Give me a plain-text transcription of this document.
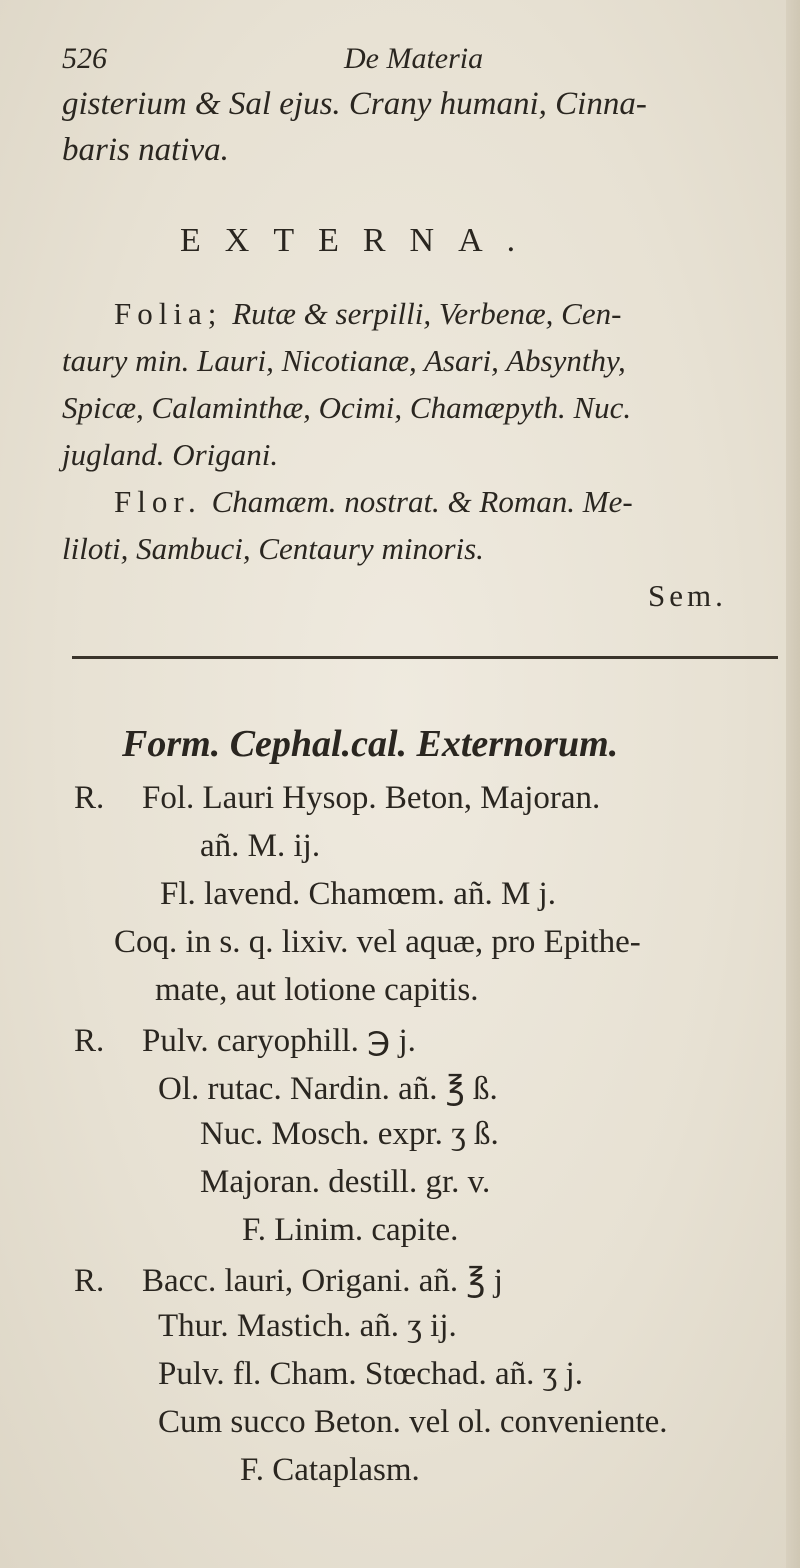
526	De Materia
gisterium & Sal ejus. Crany humani, Cinna-
baris nativa.
EXTERNA.
Folia; Rutæ & serpilli, Verbenæ, Cen-
taury min. Lauri, Nicotianæ, Asari, Absynthy,
Spicæ, Calaminthæ, Ocimi, Chamæpyth. Nuc.
jugland. Origani.
Flor. Chamæm. nostrat. & Roman. Me-
liloti, Sambuci, Centaury minoris.
Sem.
Form. Cephal.cal. Externorum.
R. Fol. Lauri Hysop. Beton, Majoran.
añ. M. ij.
Fl. lavend. Chamœm. añ. M j.
Coq. in s. q. lixiv. vel aquæ, pro Epithe-
mate, aut lotione capitis.
R. Pulv. caryophill. ℈ j.
Ol. rutac. Nardin. añ. ℥ ß.
Nuc. Mosch. expr. ʒ ß.
Majoran. destill. gr. v.
F. Linim. capite.
R. Bacc. lauri, Origani. añ. ℥ j
Thur. Mastich. añ. ʒ ij.
Pulv. fl. Cham. Stœchad. añ. ʒ j.
Cum succo Beton. vel ol. conveniente.
F. Cataplasm.
